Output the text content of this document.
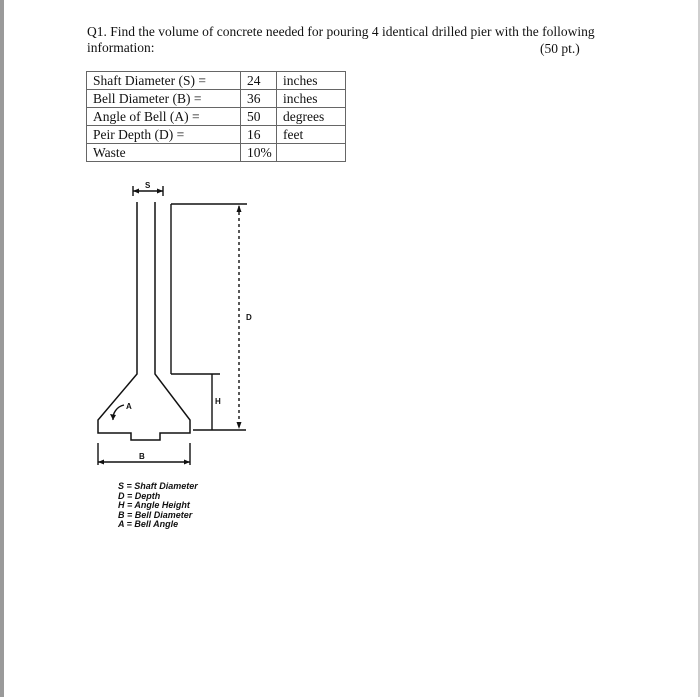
Q1. Find the volume of concrete needed for pouring 4 identical drilled pier with the following information:	(50 pt.)
Shaft Diameter (S) =	24	inches
Bell Diameter (B) =	36	inches
Angle of Bell (A) =	50	degrees
Peir Depth (D) =	16	feet
Waste	10%	
S
D
H
A
B
S = Shaft Diameter
D = Depth
H = Angle Height
B = Bell Diameter
A = Bell Angle
